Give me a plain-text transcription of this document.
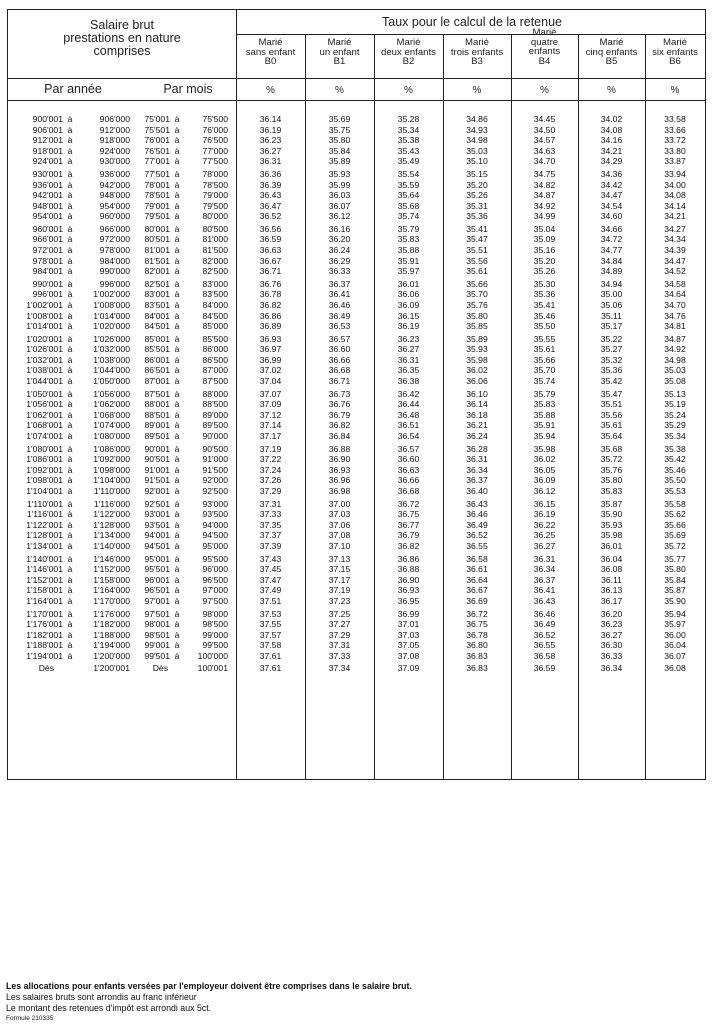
Salaire brut
prestations en nature
comprises
Taux pour le calcul de la retenue
Par année	Par mois
Marié
sans enfant
B0
%
Marié
un enfant
B1
%
Marié
deux enfants
B2
%
Marié
trois enfants
B3
%
Marié
quatre
enfants
B4
%
Marié
cinq enfants
B5
%
Marié
six enfants
B6
%
900'001 à	906'000	75'001 à	75'500	36.14	35.69	35.28	34.86	34.45	34.02	33.58
906'001 à	912'000	75'501 à	76'000	36.19	35.75	35.34	34.93	34.50	34.08	33.66
912'001 à	918'000	76'001 à	76'500	36.23	35.80	35.38	34.98	34.57	34.16	33.72
918'001 à	924'000	76'501 à	77'000	36.27	35.84	35.43	35.03	34.63	34.21	33.80
924'001 à	930'000	77'001 à	77'500	36.31	35.89	35.49	35.10	34.70	34.29	33.87
930'001 à	936'000	77'501 à	78'000	36.36	35.93	35.54	35.15	34.75	34.36	33.94
936'001 à	942'000	78'001 à	78'500	36.39	35.99	35.59	35.20	34.82	34.42	34.00
942'001 à	948'000	78'501 à	79'000	36.43	36.03	35.64	35.26	34.87	34.47	34.08
948'001 à	954'000	79'001 à	79'500	36.47	36.07	35.68	35.31	34.92	34.54	34.14
954'001 à	960'000	79'501 à	80'000	36.52	36.12	35.74	35.36	34.99	34.60	34.21
960'001 à	966'000	80'001 à	80'500	36.56	36.16	35.79	35.41	35.04	34.66	34.27
966'001 à	972'000	80'501 à	81'000	36.59	36.20	35.83	35.47	35.09	34.72	34.34
972'001 à	978'000	81'001 à	81'500	36.63	36.24	35.88	35.51	35.16	34.77	34.39
978'001 à	984'000	81'501 à	82'000	36.67	36.29	35.91	35.56	35.20	34.84	34.47
984'001 à	990'000	82'001 à	82'500	36.71	36.33	35.97	35.61	35.26	34.89	34.52
990'001 à	996'000	82'501 à	83'000	36.76	36.37	36.01	35.66	35.30	34.94	34.58
996'001 à	1'002'000	83'001 à	83'500	36.78	36.41	36.06	35.70	35.36	35.00	34.64
1'002'001 à	1'008'000	83'501 à	84'000	36.82	36.46	36.09	35.76	35.41	35.06	34.70
1'008'001 à	1'014'000	84'001 à	84'500	36.86	36.49	36.15	35.80	35.46	35.11	34.76
1'014'001 à	1'020'000	84'501 à	85'000	36.89	36.53	36.19	35.85	35.50	35.17	34.81
1'020'001 à	1'026'000	85'001 à	85'500	36.93	36.57	36.23	35.89	35.55	35.22	34.87
1'026'001 à	1'032'000	85'501 à	86'000	36.97	36.60	36.27	35.93	35.61	35.27	34.92
1'032'001 à	1'038'000	86'001 à	86'500	36.99	36.66	36.31	35.98	35.66	35.32	34.98
1'038'001 à	1'044'000	86'501 à	87'000	37.02	36.68	36.35	36.02	35.70	35.36	35.03
1'044'001 à	1'050'000	87'001 à	87'500	37.04	36.71	36.38	36.06	35.74	35.42	35.08
1'050'001 à	1'056'000	87'501 à	88'000	37.07	36.73	36.42	36.10	35.79	35.47	35.13
1'056'001 à	1'062'000	88'001 à	88'500	37.09	36.76	36.44	36.14	35.83	35.51	35.19
1'062'001 à	1'068'000	88'501 à	89'000	37.12	36.79	36.48	36.18	35.88	35.56	35.24
1'068'001 à	1'074'000	89'001 à	89'500	37.14	36.82	36.51	36.21	35.91	35.61	35.29
1'074'001 à	1'080'000	89'501 à	90'000	37.17	36.84	36.54	36.24	35.94	35.64	35.34
1'080'001 à	1'086'000	90'001 à	90'500	37.19	36.88	36.57	36.28	35.98	35.68	35.38
1'086'001 à	1'092'000	90'501 à	91'000	37.22	36.90	36.60	36.31	36.02	35.72	35.42
1'092'001 à	1'098'000	91'001 à	91'500	37.24	36.93	36.63	36.34	36.05	35.76	35.46
1'098'001 à	1'104'000	91'501 à	92'000	37.26	36.96	36.66	36.37	36.09	35.80	35.50
1'104'001 à	1'110'000	92'001 à	92'500	37.29	36.98	36.68	36.40	36.12	35.83	35.53
1'110'001 à	1'116'000	92'501 à	93'000	37.31	37.00	36.72	36.43	36.15	35.87	35.58
1'116'001 à	1'122'000	93'001 à	93'500	37.33	37.03	36.75	36.46	36.19	35.90	35.62
1'122'001 à	1'128'000	93'501 à	94'000	37.35	37.06	36.77	36.49	36.22	35.93	35.66
1'128'001 à	1'134'000	94'001 à	94'500	37.37	37.08	36.79	36.52	36.25	35.98	35.69
1'134'001 à	1'140'000	94'501 à	95'000	37.39	37.10	36.82	36.55	36.27	36.01	35.72
1'140'001 à	1'146'000	95'001 à	95'500	37.43	37.13	36.86	36.58	36.31	36.04	35.77
1'146'001 à	1'152'000	95'501 à	96'000	37.45	37.15	36.88	36.61	36.34	36.08	35.80
1'152'001 à	1'158'000	96'001 à	96'500	37.47	37.17	36.90	36.64	36.37	36.11	35.84
1'158'001 à	1'164'000	96'501 à	97'000	37.49	37.19	36.93	36.67	36.41	36.13	35.87
1'164'001 à	1'170'000	97'001 à	97'500	37.51	37.23	36.95	36.69	36.43	36.17	35.90
1'170'001 à	1'176'000	97'501 à	98'000	37.53	37.25	36.99	36.72	36.46	36.20	35.94
1'176'001 à	1'182'000	98'001 à	98'500	37.55	37.27	37.01	36.75	36.49	36.23	35.97
1'182'001 à	1'188'000	98'501 à	99'000	37.57	37.29	37.03	36.78	36.52	36.27	36.00
1'188'001 à	1'194'000	99'001 à	99'500	37.58	37.31	37.05	36.80	36.55	36.30	36.04
1'194'001 à	1'200'000	99'501 à	100'000	37.61	37.33	37.08	36.83	36.58	36.33	36.07
Dès	1'200'001	Dès	100'001	37.61	37.34	37.09	36.83	36.59	36.34	36.08
Les allocations pour enfants versées par l'employeur doivent être comprises dans le salaire brut.
Les salaires bruts sont arrondis au franc inférieur
Le montant des retenues d'impôt est arrondi aux 5ct.
Formule 210335
